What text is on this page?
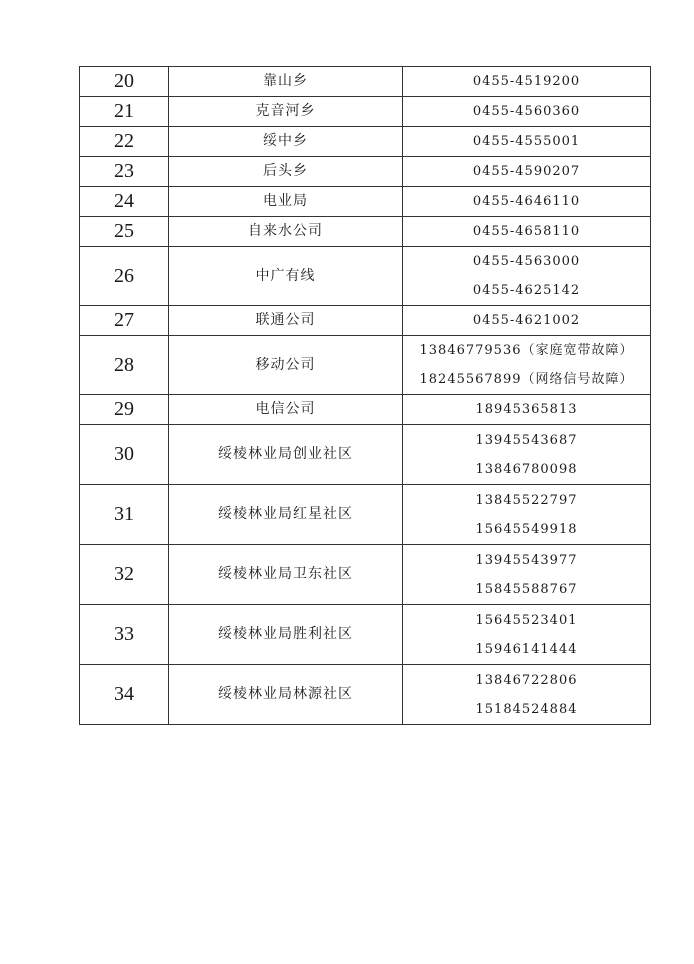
20	靠山乡	0455-4519200

21	克音河乡	0455-4560360

22	绥中乡	0455-4555001

23	后头乡	0455-4590207

24	电业局	0455-4646110

25	自来水公司	0455-4658110

26	中广有线	0455-4563000
0455-4625142

27	联通公司	0455-4621002

28	移动公司	13846779536（家庭宽带故障）
18245567899（网络信号故障）

29	电信公司	18945365813

30	绥棱林业局创业社区	13945543687
13846780098

31	绥棱林业局红星社区	13845522797
15645549918

32	绥棱林业局卫东社区	13945543977
15845588767

33	绥棱林业局胜利社区	15645523401
15946141444

34	绥棱林业局林源社区	13846722806
15184524884
